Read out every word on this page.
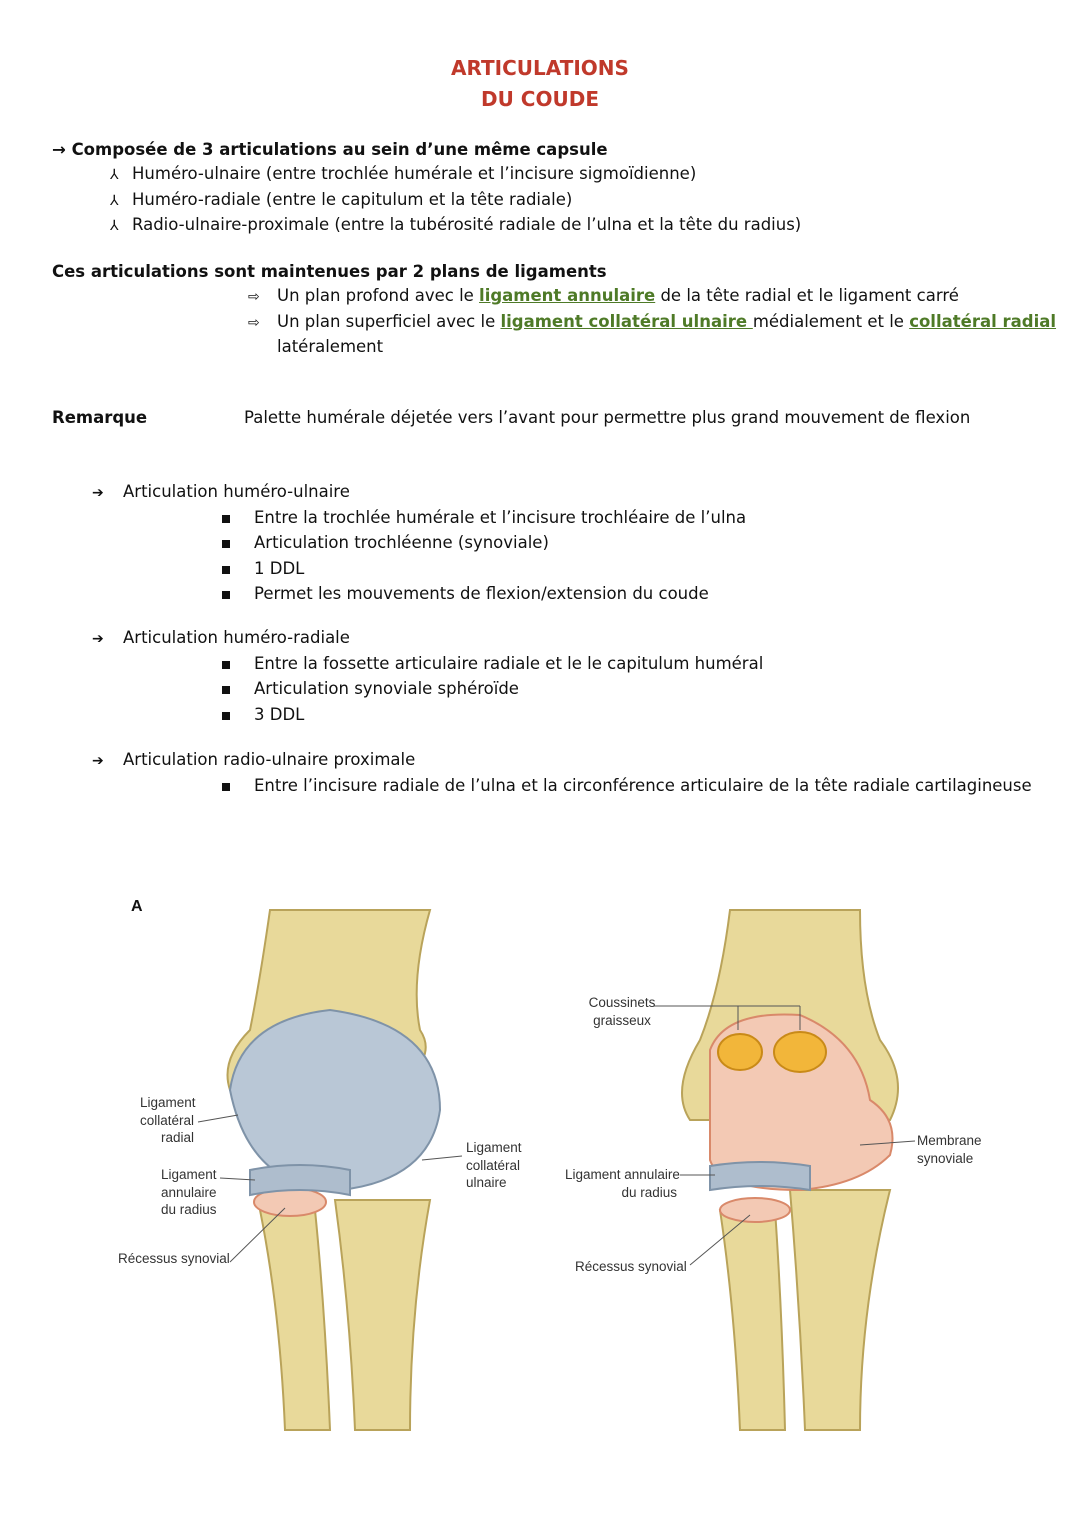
ARTICULATIONS
DU COUDE
→ Composée de 3 articulations au sein d’une même capsule
⅄ Huméro-ulnaire (entre trochlée humérale et l’incisure sigmoïdienne)
⅄ Huméro-radiale (entre le capitulum et la tête radiale)
⅄ Radio-ulnaire-proximale (entre la tubérosité radiale de l’ulna et la tête du radius)
Ces articulations sont maintenues par 2 plans de ligaments
⇨ Un plan profond avec le ligament annulaire de la tête radial et le ligament carré
⇨ Un plan superficiel avec le ligament collatéral ulnaire médialement et le collatéral radial
latéralement
Remarque	Palette humérale déjetée vers l’avant pour permettre plus grand mouvement de flexion
➔ Articulation huméro-ulnaire
Entre la trochlée humérale et l’incisure trochléaire de l’ulna
Articulation trochléenne (synoviale)
1 DDL
Permet les mouvements de flexion/extension du coude
➔ Articulation huméro-radiale
Entre la fossette articulaire radiale et le le capitulum huméral
Articulation synoviale sphéroïde
3 DDL
➔ Articulation radio-ulnaire proximale
Entre l’incisure radiale de l’ulna et la circonférence articulaire de la tête radiale cartilagineuse
A
Ligament
collatéral
radial
Ligament
annulaire
du radius
Récessus synovial
Ligament
collatéral
ulnaire
Coussinets
graisseux
Ligament annulaire
du radius
Récessus synovial
Membrane
synoviale
